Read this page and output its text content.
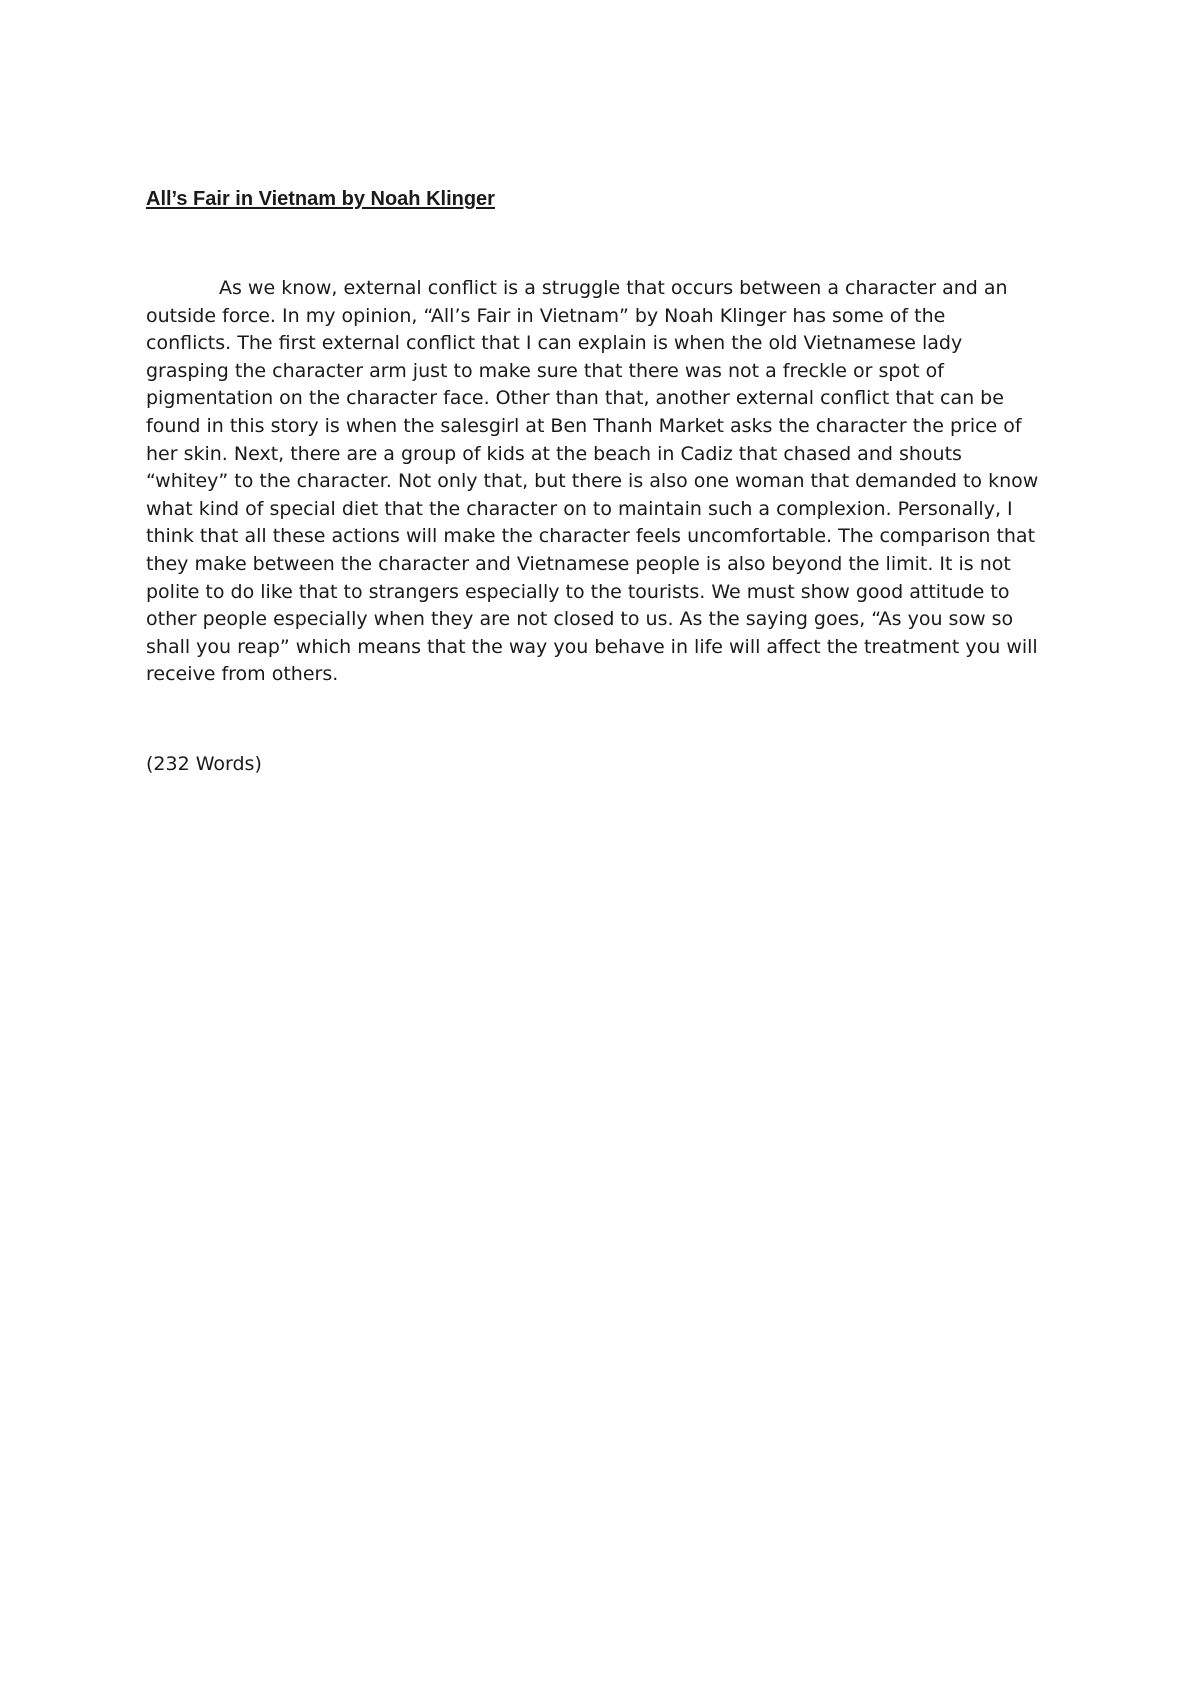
All’s Fair in Vietnam by Noah Klinger

As we know, external conflict is a struggle that occurs between a character and an
outside force. In my opinion, “All’s Fair in Vietnam” by Noah Klinger has some of the
conflicts. The first external conflict that I can explain is when the old Vietnamese lady
grasping the character arm just to make sure that there was not a freckle or spot of
pigmentation on the character face. Other than that, another external conflict that can be
found in this story is when the salesgirl at Ben Thanh Market asks the character the price of
her skin. Next, there are a group of kids at the beach in Cadiz that chased and shouts
“whitey” to the character. Not only that, but there is also one woman that demanded to know
what kind of special diet that the character on to maintain such a complexion. Personally, I
think that all these actions will make the character feels uncomfortable. The comparison that
they make between the character and Vietnamese people is also beyond the limit. It is not
polite to do like that to strangers especially to the tourists. We must show good attitude to
other people especially when they are not closed to us. As the saying goes, “As you sow so
shall you reap” which means that the way you behave in life will affect the treatment you will
receive from others.

(232 Words)
